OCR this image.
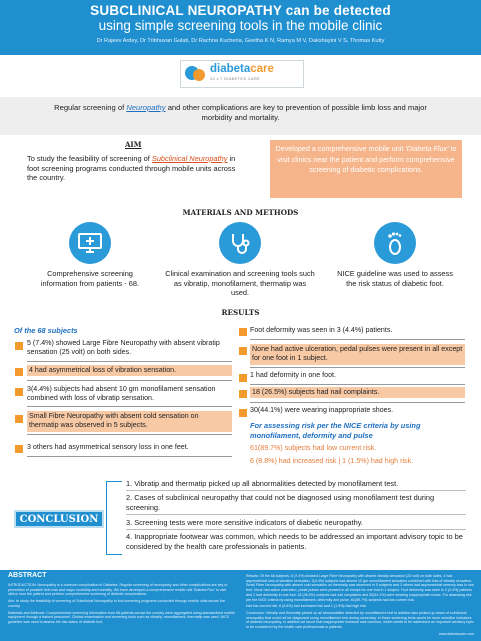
SUBCLINICAL NEUROPATHY can be detected
using simple screening tools in the mobile clinic
Dr Rajeev Ardey, Dr Tribhuvan Gulati, Dr Rachna Kucheria, Geetha K N, Ramya M V, Dakshayini V S, Thomas Kutty
diabetacare
24 x 7 DIABETES CARE
Regular screening of Neuropathy and other complications are key to prevention of possible limb loss and major morbidity and mortality.
AIM
To study the feasibility of screening of Subclinical Neuropathy in foot screening programs conducted through mobile units across the country.
Developed a comprehensive mobile unit 'Diabeta Flux' to visit clinics near the patient and perform comprehensive screening of diabetic complications.
MATERIALS AND METHODS
Comprehensive screening information from patients - 68.
Clinical examination and screening tools such as vibratip, monofilament, thermatip was used.
NICE guideline was used to assess the risk status of diabetic foot.
RESULTS
Of the 68 subjects
5 (7.4%) showed Large Fibre Neuropathy with absent vibratip sensation (25 volt) on both sides.
4 had asymmetrical loss of vibration sensation.
3(4.4%) subjects had absent 10 gm monofilament sensation combined with loss of vibratip sensation.
Small Fibre Neuropathy with absent cold sensation on thermatip was observed in 5 subjects.
3 others had asymmetrical sensory loss in one feet.
Foot deformity was seen in 3 (4.4%) patients.
None had active ulceration, pedal pulses were present in all except for one foot in 1 subject.
1 had deformity in one foot.
18 (26.5%) subjects had nail complaints.
30(44.1%) were wearing inappropriate shoes.
For assessing risk per the NICE criteria by using monofilament, deformity and pulse
61(89.7%) subjects had low current risk.
6 (8.8%) had increased risk | 1 (1.5%) had high risk.
CONCLUSION
1. Vibratip and thermatip picked up all abnormalities detected by monofilament test.
2. Cases of subclinical neuropathy that could not be diagnosed using monofilament test during screening.
3. Screening tests were more sensitive indicators of diabetic neuropathy.
4. Inappropriate footwear was common, which needs to be addressed an important advisory topic to be considered by the health care professionals in patients.
ABSTRACT

INTRODUCTION: Neuropathy is a common complication in Diabetes. Regular screening of neuropathy and other complications are key to prevention of possible limb loss and major morbidity and mortality. We have developed a comprehensive mobile unit 'Diabeta Flux' to visit clinics near the patient and perform comprehensive screening of diabetic complications.

Aim: to study the feasibility of screening of Subclinical Neuropathy in foot screening programs conducted through mobile units across the country.

Materials and Methods: Comprehensive screening information from 68 patients across the country were aggregated using standardized mobile equipment through a trained personnel. Clinical examination and screening tools such as vibratip, monofilament, thermatip was used. NICE guideline was used to assess the risk status of diabetic foot.

Results: Of the 68 subjects, 5 (7.4%) showed Large Fibre Neuropathy with absent vibratip sensation (25 volt) on both sides, 4 had asymmetrical loss of vibration sensation. 3(4.4%) subjects had absent 10 gm monofilament sensation combined with loss of vibratip sensation. Small Fibre Neuropathy with absent cold sensation on thermatip was observed in 5 subjects and 3 others had asymmetrical sensory loss in one feet. None had active ulceration, pedal pulses were present in all except for one foot in 1 subject. Foot deformity was seen in 3 (4.4%) patients and 1 had deformity in one foot. 18 (26.5%) subjects had nail complaints and 30(44.1%) were wearing inappropriate shoes. For assessing risk per the NICE criteria by using monofilament, deformity and pulse, 61(89.7%) subjects had low current risk.

had low current risk, 6 (8.8%) had increased risk and 1 (1.5%) had high risk.

Conclusion: Vibratip and thermatip picked up all abnormalities detected by monofilament test in addition also picked up cases of subclinical neuropathy that could not be diagnosed using monofilament test during screening. In these screening tests would be more sensitive indicators of diabetic neuropathy. In addition we found that inappropriate footwear was common, which needs to be addressed an important advisory topic to be considered by the health care professionals in patients.

www.diabetacare.com
